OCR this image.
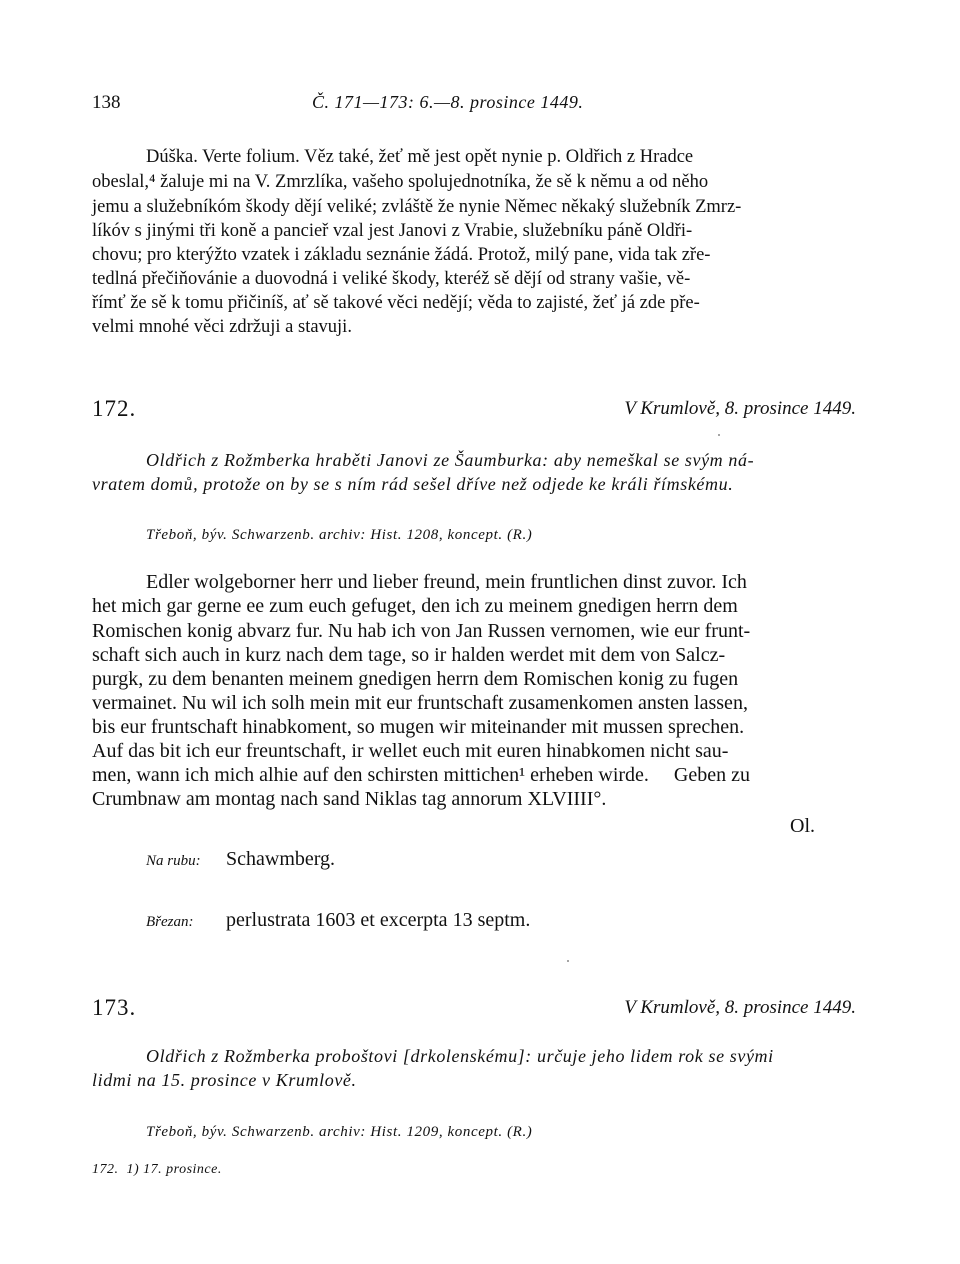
138	Č. 171—173: 6.—8. prosince 1449.
Dúška. Verte folium. Věz také, žeť mě jest opět nynie p. Oldřich z Hradce
obeslal,⁴ žaluje mi na V. Zmrzlíka, vašeho spolujednotníka, že sě k němu a od něho
jemu a služebníkóm škody dějí veliké; zvláště že nynie Němec někaký služebník Zmrz-
líkóv s jinými tři koně a pancieř vzal jest Janovi z Vrabie, služebníku páně Oldři-
chovu; pro kterýžto vzatek i základu seznánie žádá. Protož, milý pane, vida tak zře-
tedlná přečiňovánie a duovodná i veliké škody, kteréž sě dějí od strany vašie, vě-
římť že sě k tomu přičiníš, ať sě takové věci nedějí; věda to zajisté, žeť já zde pře-
velmi mnohé věci zdržuji a stavuji.
172.	V Krumlově, 8. prosince 1449.
Oldřich z Rožmberka hraběti Janovi ze Šaumburka: aby nemeškal se svým ná-
vratem domů, protože on by se s ním rád sešel dříve než odjede ke králi římskému.
Třeboň, býv. Schwarzenb. archiv: Hist. 1208, koncept. (R.)
Edler wolgeborner herr und lieber freund, mein fruntlichen dinst zuvor. Ich
het mich gar gerne ee zum euch gefuget, den ich zu meinem gnedigen herrn dem
Romischen konig abvarz fur. Nu hab ich von Jan Russen vernomen, wie eur frunt-
schaft sich auch in kurz nach dem tage, so ir halden werdet mit dem von Salcz-
purgk, zu dem benanten meinem gnedigen herrn dem Romischen konig zu fugen
vermainet. Nu wil ich solh mein mit eur fruntschaft zusamenkomen ansten lassen,
bis eur fruntschaft hinabkoment, so mugen wir miteinander mit mussen sprechen.
Auf das bit ich eur freuntschaft, ir wellet euch mit euren hinabkomen nicht sau-
men, wann ich mich alhie auf den schirsten mittichen¹ erheben wirde.     Geben zu
Crumbnaw am montag nach sand Niklas tag annorum XLVIIII°.
Ol.
Na rubu: Schawmberg.
Březan: perlustrata 1603 et excerpta 13 septm.
173.	V Krumlově, 8. prosince 1449.
Oldřich z Rožmberka proboštovi [drkolenskému]: určuje jeho lidem rok se svými
lidmi na 15. prosince v Krumlově.
Třeboň, býv. Schwarzenb. archiv: Hist. 1209, koncept. (R.)
172.  1) 17. prosince.
